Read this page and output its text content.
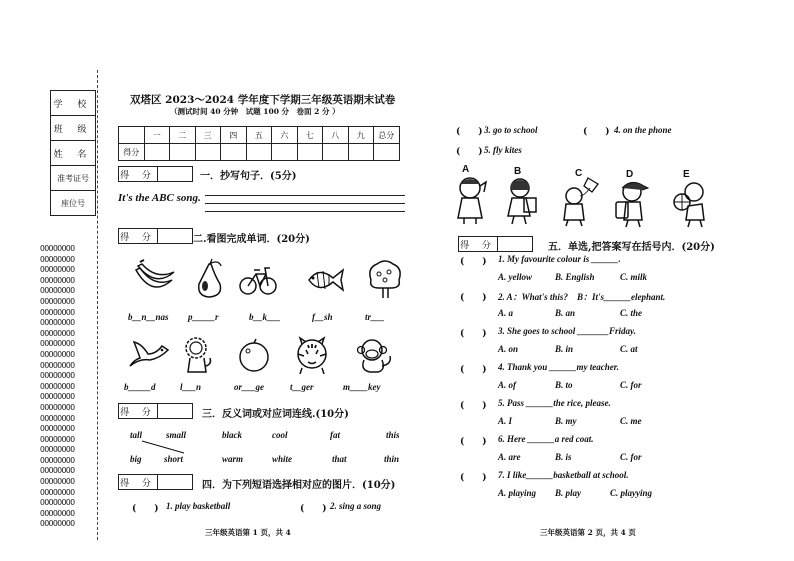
学 校
班 级
姓 名
准考证号
座位号
OOOOOOOO
OOOOOOOO
OOOOOOOO
OOOOOOOO
OOOOOOOO
OOOOOOOO
OOOOOOOO
OOOOOOOO
OOOOOOOO
OOOOOOOO
OOOOOOOO
OOOOOOOO
OOOOOOOO
OOOOOOOO
OOOOOOOO
OOOOOOOO
OOOOOOOO
OOOOOOOO
OOOOOOOO
OOOOOOOO
OOOOOOOO
OOOOOOOO
OOOOOOOO
OOOOOOOO
OOOOOOOO
OOOOOOOO
OOOOOOOO
双塔区 2023～2024 学年度下学期三年级英语期末试卷
（测试时间 40 分钟　试题 100 分　卷面 2 分 ）
	一	二	三	四	五	六	七	八	九	总分
得分										
得 分	一．抄写句子．(5分)
It's the ABC song.
得 分	二.看图完成单词．(20分)
b__n__nas p_____r	b__k___	f__sh	tr___
b_____d	l___n	or___ge	t__ger	m____key
得 分	三．反义词或对应词连线.(10分)
tall	small	black	cool	fat	this
big short	warm	white	that	thin
得 分	四．为下列短语选择相对应的图片．(10分)
(　　) 1. play basketball	(　　) 2. sing a song
三年级英语第 1 页，共 4
(　　) 3. go to school	(　　) 4. on the phone
(　　) 5. fly kites
A	B	C	D	E
得 分	五．单选,把答案写在括号内．(20分)
(　　) 1. My favourite colour is ______.
A. yellow	B. English	C. milk
(　　) 2. A：What's this?　B：It's______elephant.
A. a	B. an	C. the
(　　) 3. She goes to school _______Friday.
A. on	B. in	C. at
(　　) 4. Thank you ______my teacher.
A. of	B. to	C. for
(　　) 5. Pass ______the rice, please.
A. I	B. my	C. me
(　　) 6. Here ______a red coat.
A. are	B. is	C. for
(　　) 7. I like______basketball at school.
A. playing B. play	C. playying
三年级英语第 2 页，共 4 页
